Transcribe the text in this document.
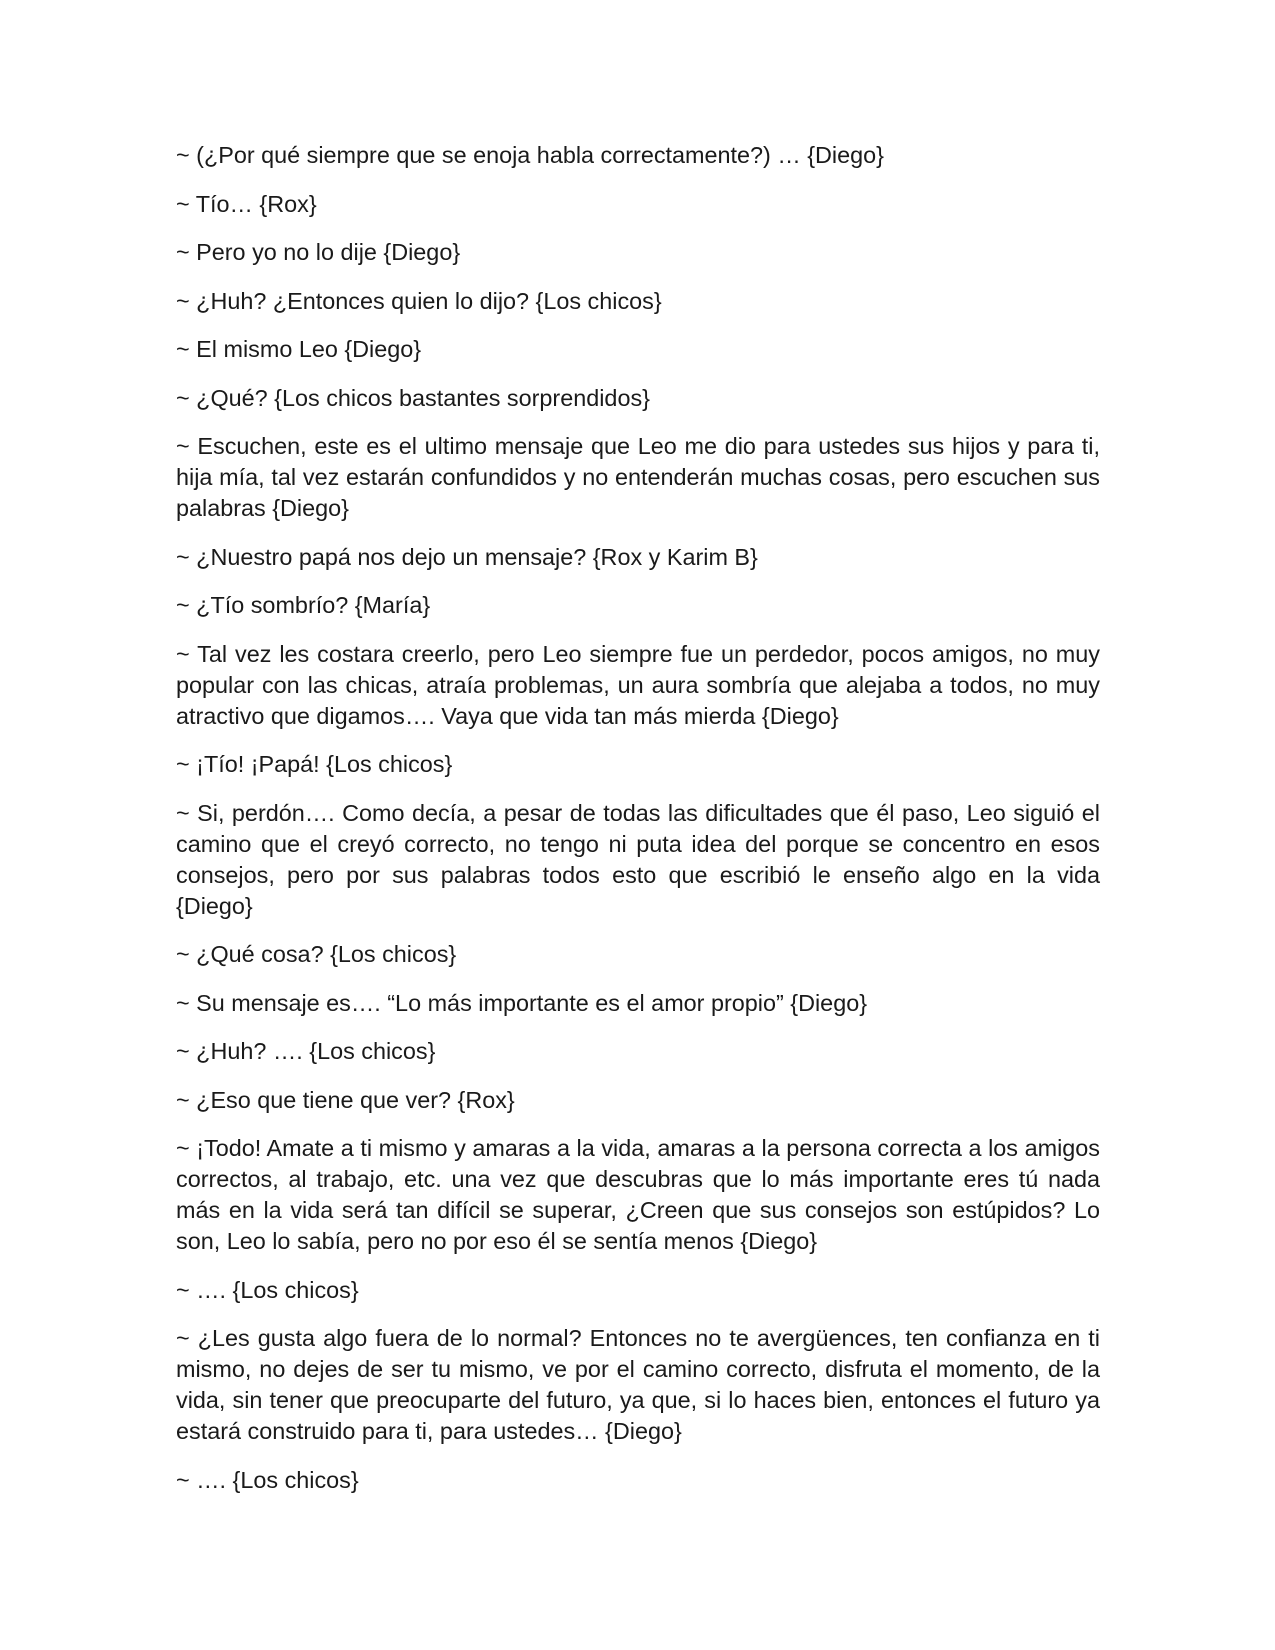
~ (¿Por qué siempre que se enoja habla correctamente?) … {Diego}

~ Tío… {Rox}

~ Pero yo no lo dije {Diego}

~ ¿Huh? ¿Entonces quien lo dijo? {Los chicos}

~ El mismo Leo {Diego}

~ ¿Qué? {Los chicos bastantes sorprendidos}

~ Escuchen, este es el ultimo mensaje que Leo me dio para ustedes sus hijos y para ti, hija mía, tal vez estarán confundidos y no entenderán muchas cosas, pero escuchen sus palabras {Diego}

~ ¿Nuestro papá nos dejo un mensaje? {Rox y Karim B}

~ ¿Tío sombrío? {María}

~ Tal vez les costara creerlo, pero Leo siempre fue un perdedor, pocos amigos, no muy popular con las chicas, atraía problemas, un aura sombría que alejaba a todos, no muy atractivo que digamos…. Vaya que vida tan más mierda {Diego}

~ ¡Tío! ¡Papá! {Los chicos}

~ Si, perdón…. Como decía, a pesar de todas las dificultades que él paso, Leo siguió el camino que el creyó correcto, no tengo ni puta idea del porque se concentro en esos consejos, pero por sus palabras todos esto que escribió le enseño algo en la vida {Diego}

~ ¿Qué cosa? {Los chicos}

~ Su mensaje es…. “Lo más importante es el amor propio” {Diego}

~ ¿Huh? …. {Los chicos}

~ ¿Eso que tiene que ver? {Rox}

~ ¡Todo! Amate a ti mismo y amaras a la vida, amaras a la persona correcta a los amigos correctos, al trabajo, etc. una vez que descubras que lo más importante eres tú nada más en la vida será tan difícil se superar, ¿Creen que sus consejos son estúpidos? Lo son, Leo lo sabía, pero no por eso él se sentía menos {Diego}

~ …. {Los chicos}

~ ¿Les gusta algo fuera de lo normal? Entonces no te avergüences, ten confianza en ti mismo, no dejes de ser tu mismo, ve por el camino correcto, disfruta el momento, de la vida, sin tener que preocuparte del futuro, ya que, si lo haces bien, entonces el futuro ya estará construido para ti, para ustedes… {Diego}

~ …. {Los chicos}
